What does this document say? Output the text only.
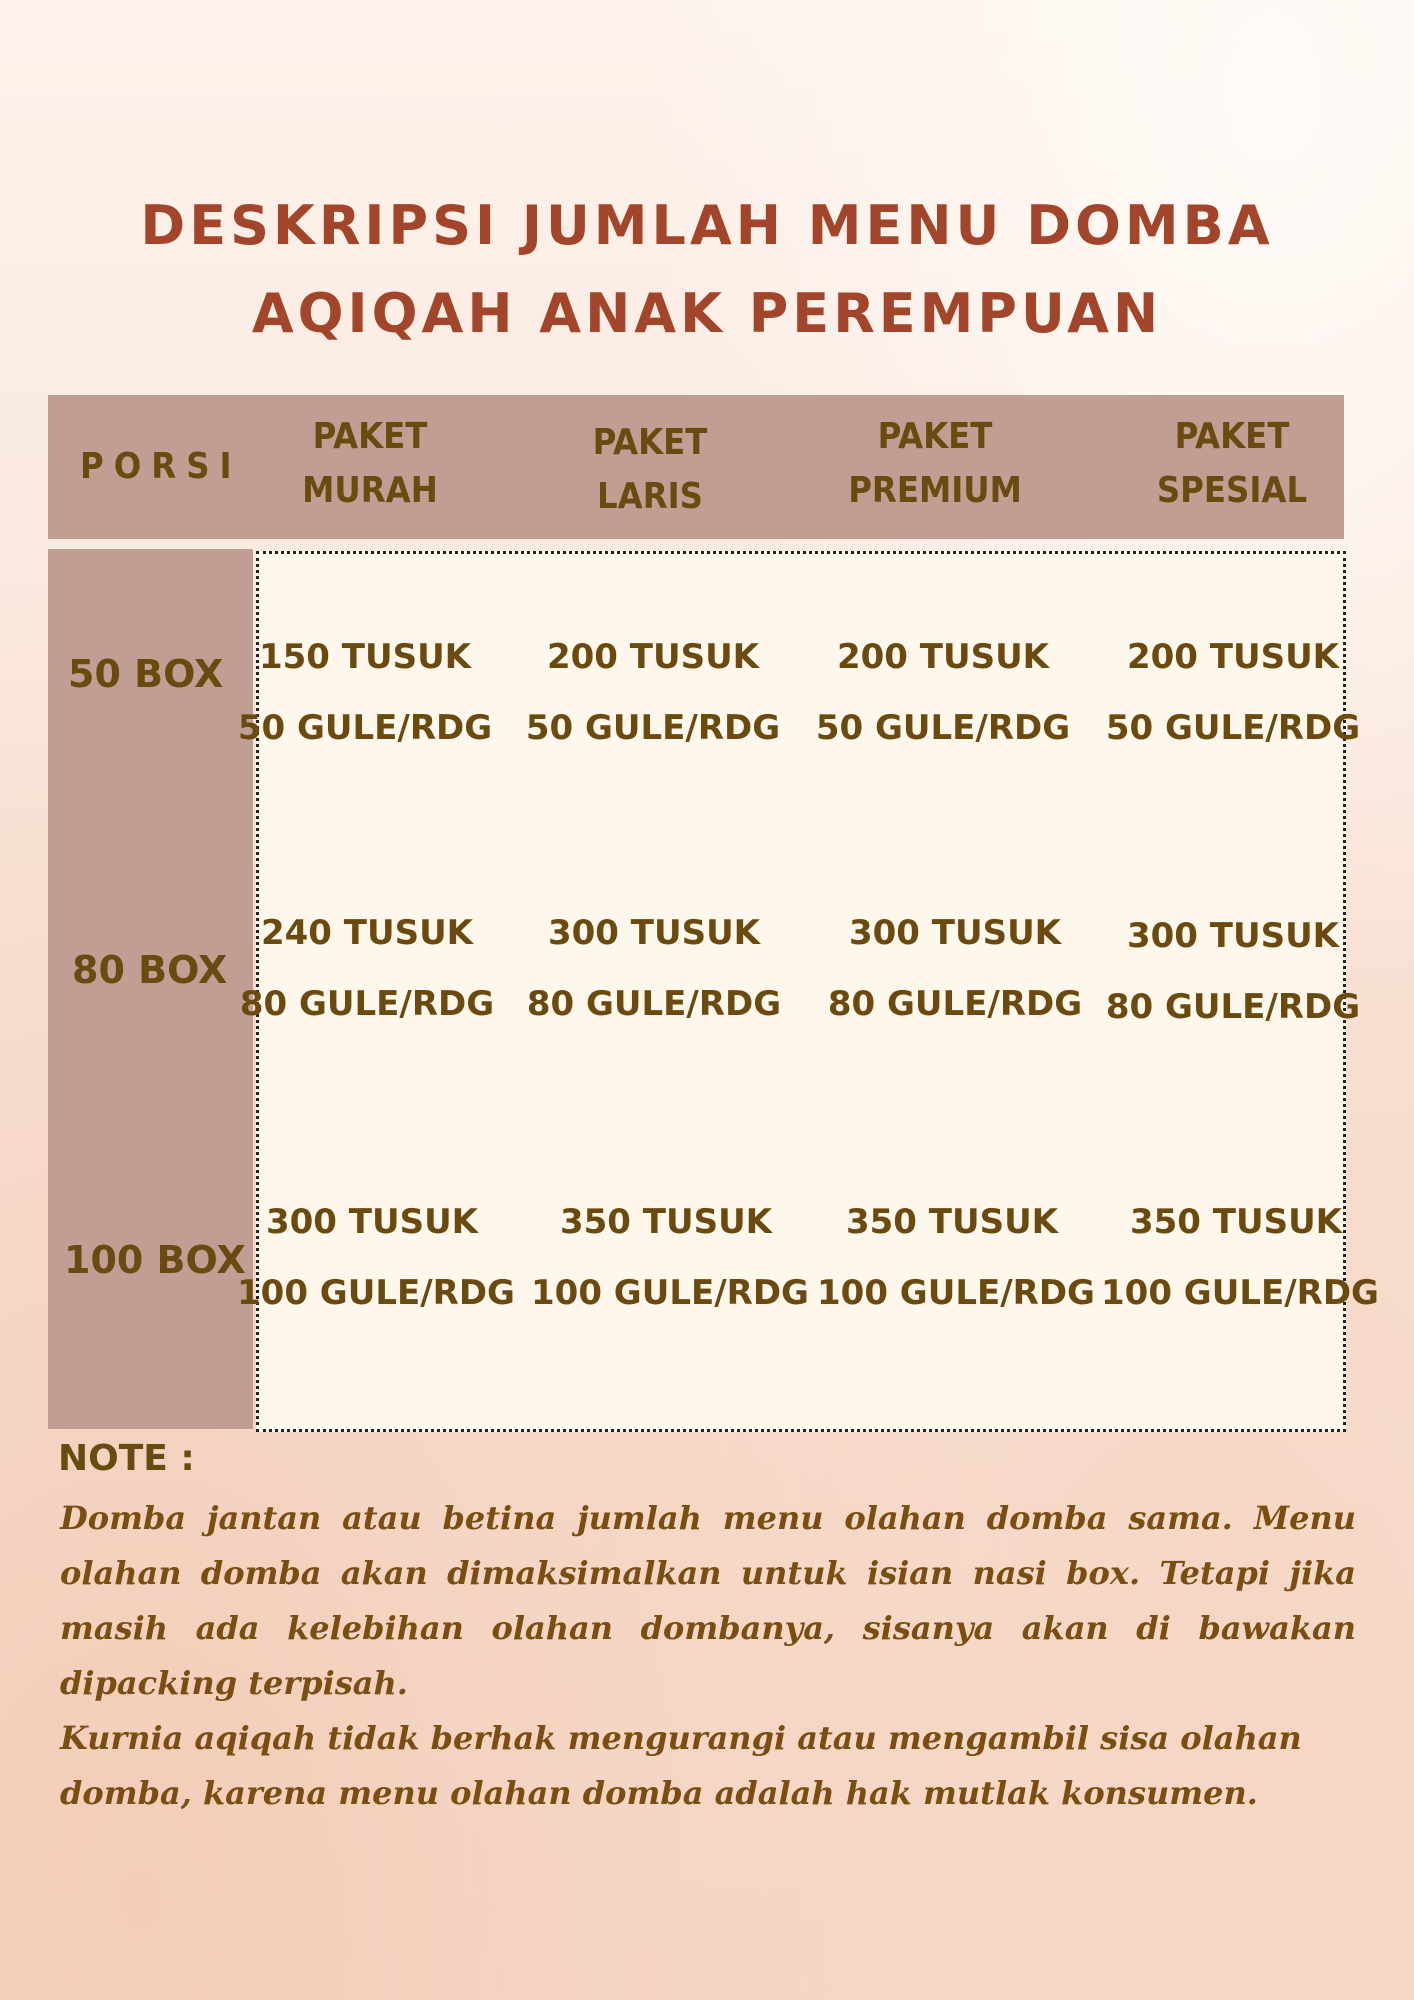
DESKRIPSI JUMLAH MENU DOMBA
AQIQAH ANAK PEREMPUAN
PORSI
PAKET
MURAH
PAKET
LARIS
PAKET
PREMIUM
PAKET
SPESIAL
50 BOX
80 BOX
100 BOX
150 TUSUK
50 GULE/RDG
200 TUSUK
50 GULE/RDG
200 TUSUK
50 GULE/RDG
200 TUSUK
50 GULE/RDG
240 TUSUK
80 GULE/RDG
300 TUSUK
80 GULE/RDG
300 TUSUK
80 GULE/RDG
300 TUSUK
80 GULE/RDG
300 TUSUK
100 GULE/RDG
350 TUSUK
100 GULE/RDG
350 TUSUK
100 GULE/RDG
350 TUSUK
100 GULE/RDG
NOTE :

Domba jantan atau betina jumlah menu olahan domba sama. Menu olahan domba akan dimaksimalkan untuk isian nasi box. Tetapi jika masih ada kelebihan olahan dombanya, sisanya akan di bawakan dipacking terpisah.

Kurnia aqiqah tidak berhak mengurangi atau mengambil sisa olahan domba, karena menu olahan domba adalah hak mutlak konsumen.
